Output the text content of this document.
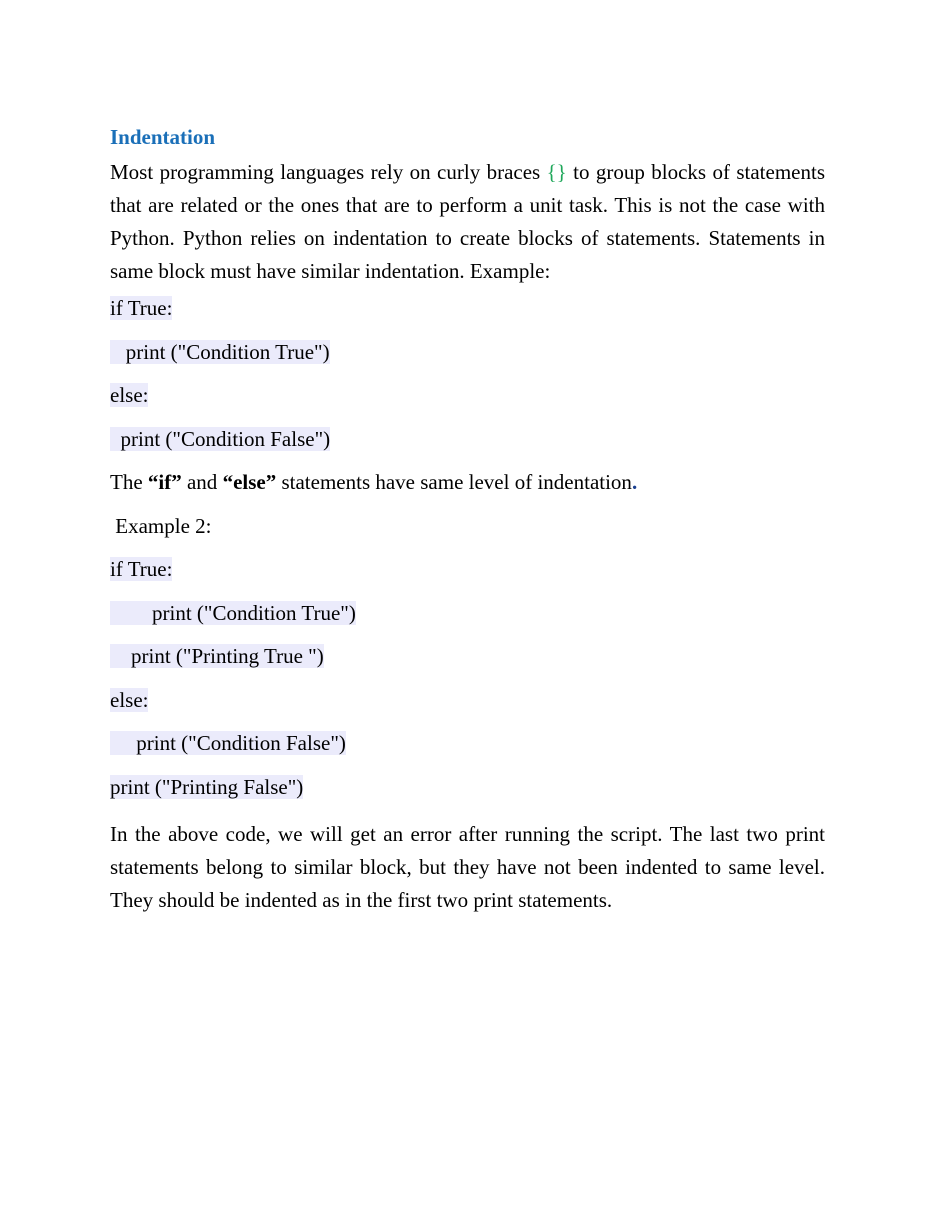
Indentation

Most programming languages rely on curly braces {} to group blocks of statements that are related or the ones that are to perform a unit task. This is not the case with Python. Python relies on indentation to create blocks of statements. Statements in same block must have similar indentation. Example:

if True:
print ("Condition True")
else:
print ("Condition False")
The “if” and “else” statements have same level of indentation.
Example 2:
if True:
print ("Condition True")
print ("Printing True ")
else:
print ("Condition False")
print ("Printing False")

In the above code, we will get an error after running the script. The last two print statements belong to similar block, but they have not been indented to same level. They should be indented as in the first two print statements.
